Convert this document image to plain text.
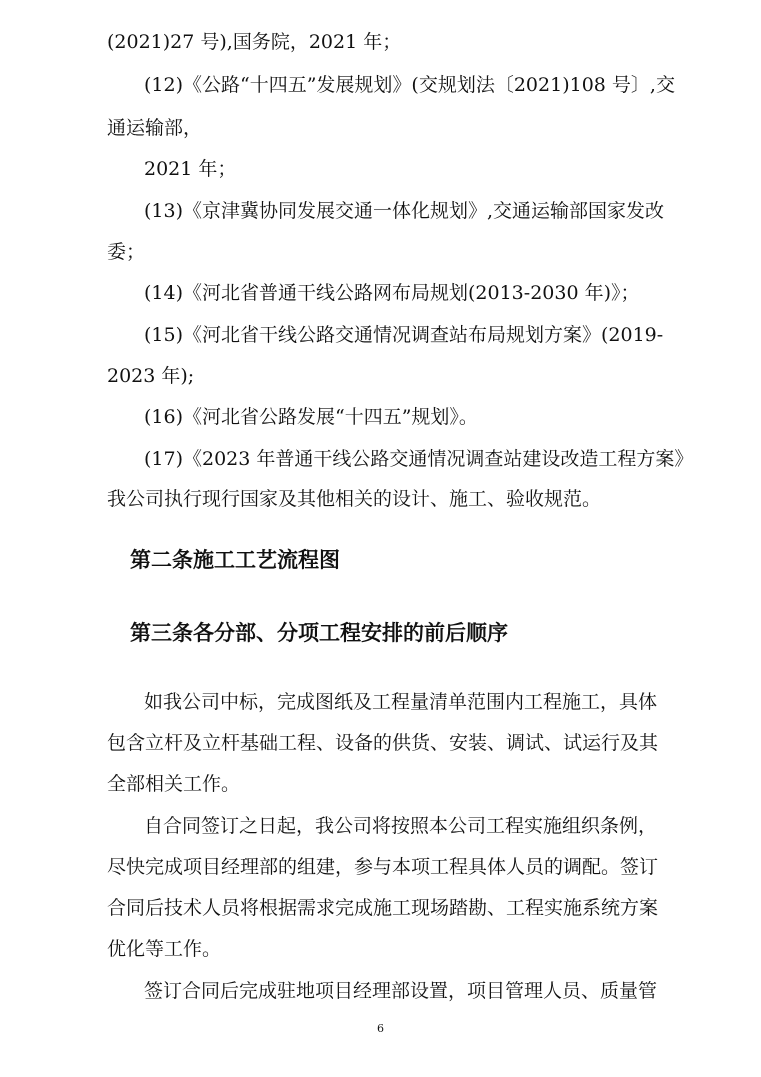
(2021)27 号),国务院，2021 年；
(12)《公路“十四五”发展规划》(交规划法〔2021)108 号〕,交
通运输部，
2021 年；
(13)《京津冀协同发展交通一体化规划》,交通运输部国家发改
委；
(14)《河北省普通干线公路网布局规划(2013-2030 年)》；
(15)《河北省干线公路交通情况调查站布局规划方案》(2019-
2023 年);
(16)《河北省公路发展“十四五”规划》。
(17)《2023 年普通干线公路交通情况调查站建设改造工程方案》
我公司执行现行国家及其他相关的设计、施工、验收规范。
第二条施工工艺流程图
第三条各分部、分项工程安排的前后顺序
如我公司中标，完成图纸及工程量清单范围内工程施工，具体
包含立杆及立杆基础工程、设备的供货、安装、调试、试运行及其
全部相关工作。
自合同签订之日起，我公司将按照本公司工程实施组织条例，
尽快完成项目经理部的组建，参与本项工程具体人员的调配。签订
合同后技术人员将根据需求完成施工现场踏勘、工程实施系统方案
优化等工作。
签订合同后完成驻地项目经理部设置，项目管理人员、质量管
6
